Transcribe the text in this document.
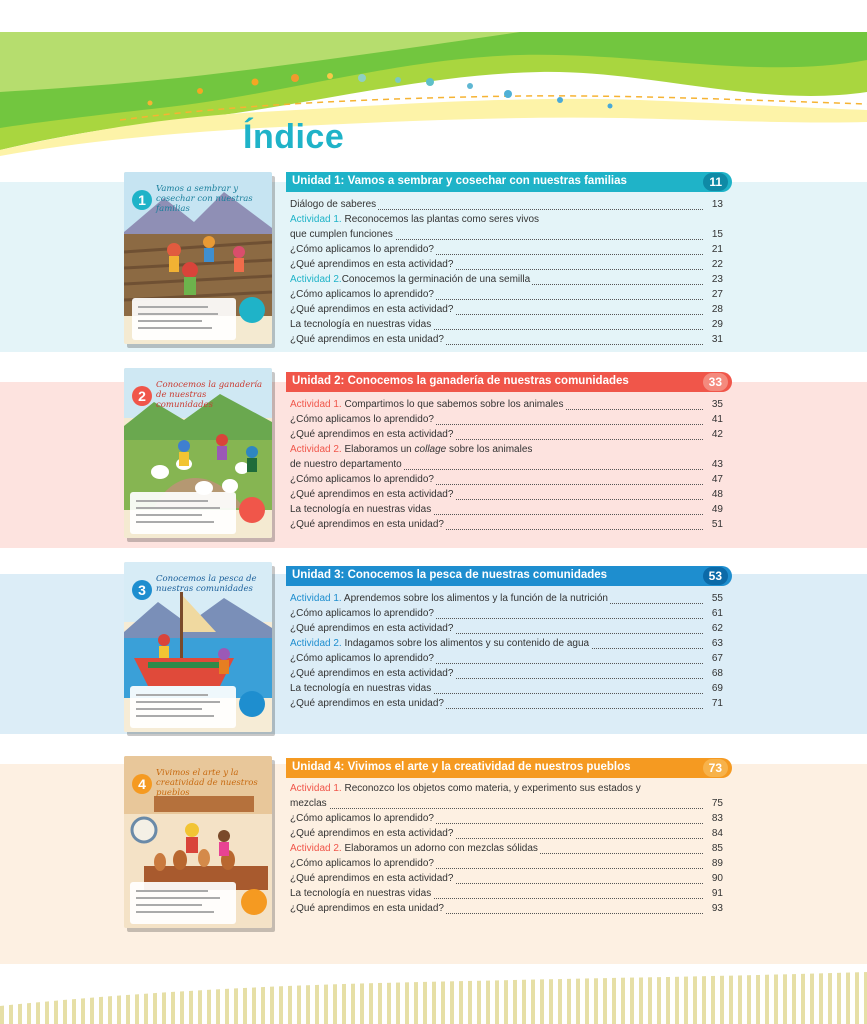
Índice
1
Vamos a sembrar y cosechar con nuestras familias
Unidad 1: Vamos a sembrar y cosechar con nuestras familias	11
Diálogo de saberes	13
Actividad 1. Reconocemos las plantas como seres vivos
que cumplen funciones	15
¿Cómo aplicamos lo aprendido?	21
¿Qué aprendimos en esta actividad?	22
Actividad 2.Conocemos la germinación de una semilla	23
¿Cómo aplicamos lo aprendido?	27
¿Qué aprendimos en esta actividad?	28
La tecnología en nuestras vidas	29
¿Qué aprendimos en esta unidad?	31
2
Conocemos la ganadería de nuestras comunidades
Unidad 2: Conocemos la ganadería de nuestras comunidades	33
Actividad 1. Compartimos lo que sabemos sobre los animales	35
¿Cómo aplicamos lo aprendido?	41
¿Qué aprendimos en esta actividad?	42
Actividad 2. Elaboramos un collage sobre los animales
de nuestro departamento	43
¿Cómo aplicamos lo aprendido?	47
¿Qué aprendimos en esta actividad?	48
La tecnología en nuestras vidas	49
¿Qué aprendimos en esta unidad?	51
3
Conocemos la pesca de nuestras comunidades
Unidad 3: Conocemos la pesca de nuestras comunidades	53
Actividad 1. Aprendemos sobre los alimentos y la función de la nutrición	55
¿Cómo aplicamos lo aprendido?	61
¿Qué aprendimos en esta actividad?	62
Actividad 2. Indagamos sobre los alimentos y su contenido de agua	63
¿Cómo aplicamos lo aprendido?	67
¿Qué aprendimos en esta actividad?	68
La tecnología en nuestras vidas	69
¿Qué aprendimos en esta unidad?	71
4
Vivimos el arte y la creatividad de nuestros pueblos
Unidad 4: Vivimos el arte y la creatividad de nuestros pueblos	73
Actividad 1. Reconozco los objetos como materia, y experimento sus estados y
mezclas	75
¿Cómo aplicamos lo aprendido?	83
¿Qué aprendimos en esta actividad?	84
Actividad 2. Elaboramos un adorno con mezclas sólidas	85
¿Cómo aplicamos lo aprendido?	89
¿Qué aprendimos en esta actividad?	90
La tecnología en nuestras vidas	91
¿Qué aprendimos en esta unidad?	93
